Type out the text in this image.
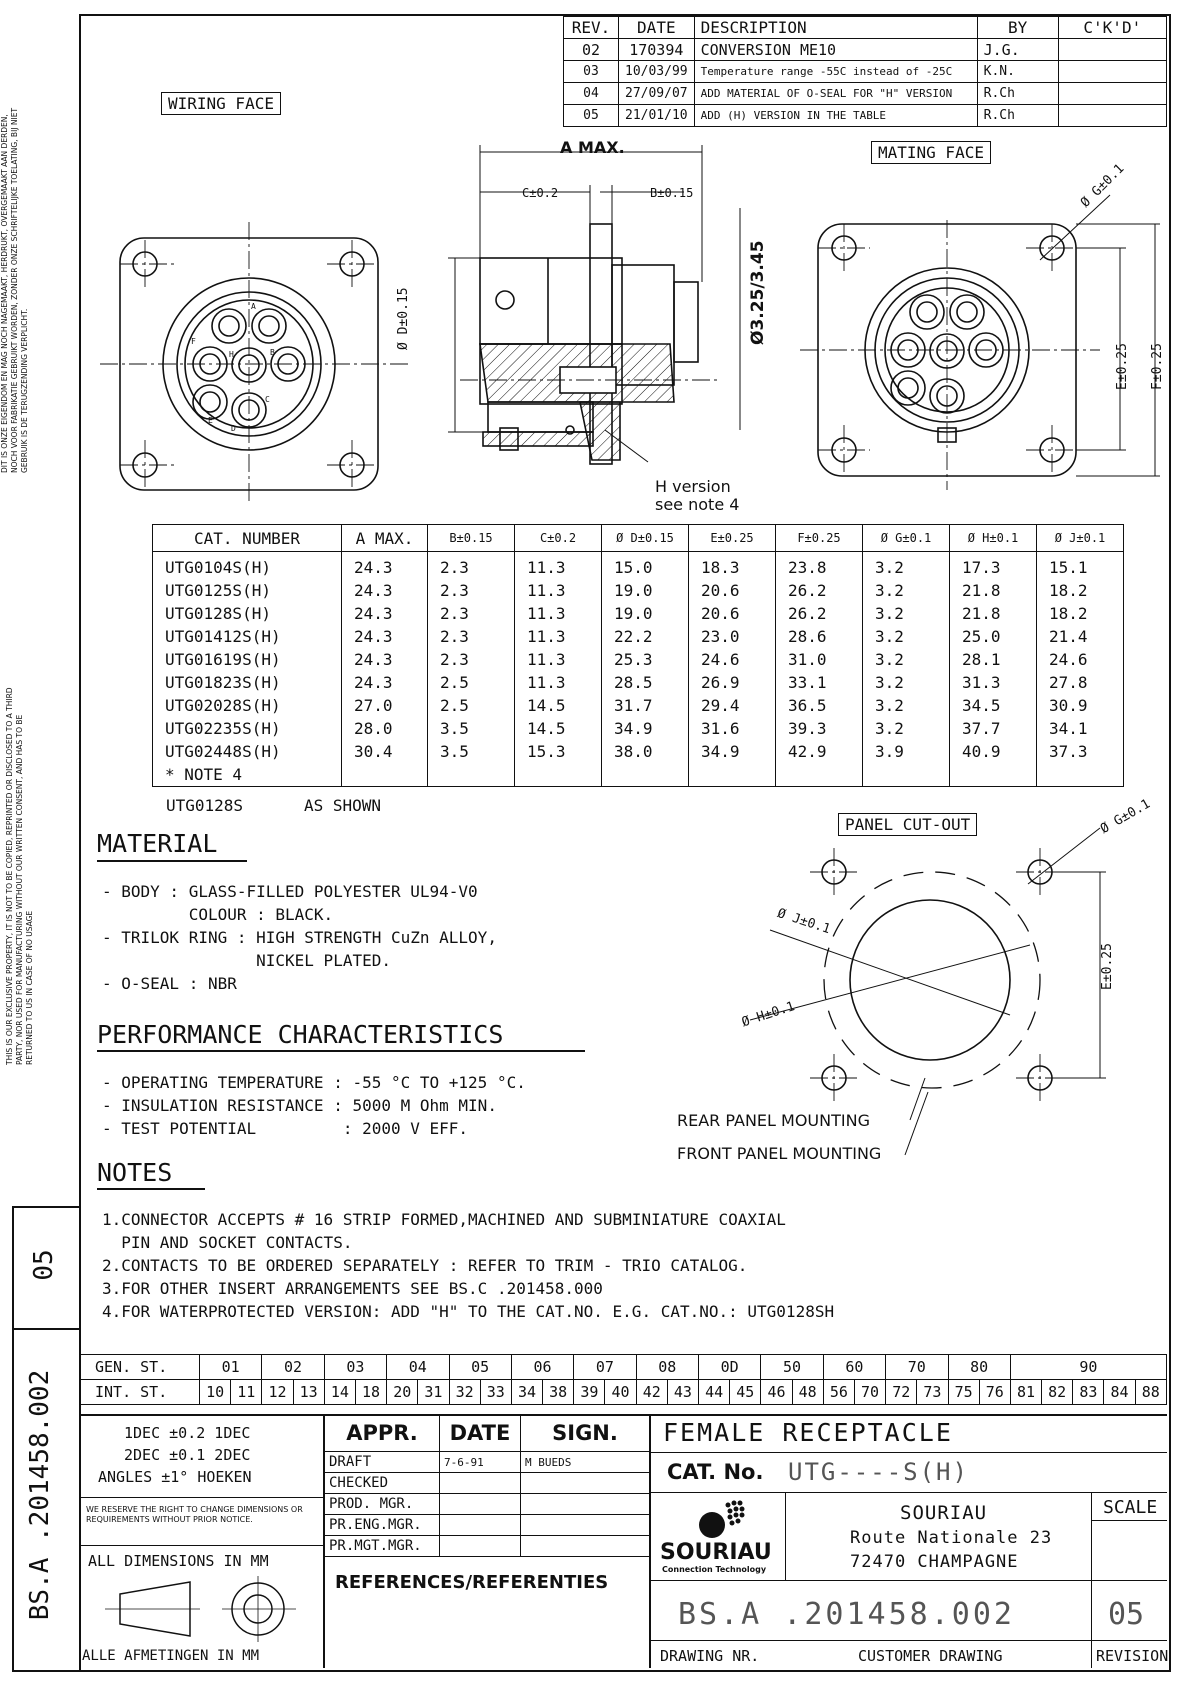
DIT IS ONZE EIGENDOM EN MAG NOCH NAGEMAAKT, HERDRUKT, OVERGEMAAKT AAN DERDEN, NOCH VOOR FABRIKATIE GEBRUIKT WORDEN, ZONDER ONZE SCHRIFTELIJKE TOELATING, BIJ NIET GEBRUIK IS DE TERUGZENDING VERPLICHT.
THIS IS OUR EXCLUSIVE PROPERTY, IT IS NOT TO BE COPIED, REPRINTED OR DISCLOSED TO A THIRD PARTY, NOR USED FOR MANUFACTURING WITHOUT OUR WRITTEN CONSENT, AND HAS TO BE RETURNED TO US IN CASE OF NO USAGE
05
BS.A .201458.002
REV.	DATE	DESCRIPTION	BY	C'K'D'
02	170394	CONVERSION ME10	J.G.	
03	10/03/99	Temperature range -55C instead of -25C	K.N.	
04	27/09/07	ADD MATERIAL OF O-SEAL FOR "H" VERSION	R.Ch	
05	21/01/10	ADD (H) VERSION IN THE TABLE	R.Ch	
WIRING FACE
MATING FACE
A MAX.
C±0.2	B±0.15
Ø D±0.15	Ø3.25/3.45
H version
see note 4
Ø G±0.1
E±0.25 F±0.25
A
B
C
D
E
F
H
CAT. NUMBER	A MAX.	B±0.15	C±0.2	Ø D±0.15	E±0.25	F±0.25	Ø G±0.1	Ø H±0.1	Ø J±0.1
UTG0104S(H)	24.3	2.3	11.3	15.0	18.3	23.8	3.2	17.3	15.1
UTG0125S(H)	24.3	2.3	11.3	19.0	20.6	26.2	3.2	21.8	18.2
UTG0128S(H)	24.3	2.3	11.3	19.0	20.6	26.2	3.2	21.8	18.2
UTG01412S(H)	24.3	2.3	11.3	22.2	23.0	28.6	3.2	25.0	21.4
UTG01619S(H)	24.3	2.3	11.3	25.3	24.6	31.0	3.2	28.1	24.6
UTG01823S(H)	24.3	2.5	11.3	28.5	26.9	33.1	3.2	31.3	27.8
UTG02028S(H)	27.0	2.5	14.5	31.7	29.4	36.5	3.2	34.5	30.9
UTG02235S(H)	28.0	3.5	14.5	34.9	31.6	39.3	3.2	37.7	34.1
UTG02448S(H)	30.4	3.5	15.3	38.0	34.9	42.9	3.9	40.9	37.3
* NOTE 4									
UTG0128S	AS SHOWN
PANEL CUT-OUT	Ø G±0.1
Ø J±0.1
Ø H±0.1
E±0.25
REAR PANEL MOUNTING
FRONT PANEL MOUNTING
MATERIAL
- BODY : GLASS-FILLED POLYESTER UL94-V0
COLOUR : BLACK.
- TRILOK RING : HIGH STRENGTH CuZn ALLOY,
NICKEL PLATED.
- O-SEAL : NBR
PERFORMANCE CHARACTERISTICS
- OPERATING TEMPERATURE : -55 °C TO +125 °C.
- INSULATION RESISTANCE : 5000 M Ohm MIN.
- TEST POTENTIAL         : 2000 V EFF.
NOTES
1.CONNECTOR ACCEPTS # 16 STRIP FORMED,MACHINED AND SUBMINIATURE COAXIAL
PIN AND SOCKET CONTACTS.
2.CONTACTS TO BE ORDERED SEPARATELY : REFER TO TRIM - TRIO CATALOG.
3.FOR OTHER INSERT ARRANGEMENTS SEE BS.C .201458.000
4.FOR WATERPROTECTED VERSION: ADD "H" TO THE CAT.NO. E.G. CAT.NO.: UTG0128SH
GEN. ST.	01		02		03		04		05		06		07		08		0D		50		60		70		80		90				
INT. ST.	10	11	12	13	14	18	20	31	32	33	34	38	39	40	42	43	44	45	46	48	56	70	72	73	75	76	81	82	83	84	88
1DEC ±0.2 1DEC
2DEC ±0.1 2DEC
ANGLES ±1° HOEKEN
WE RESERVE THE RIGHT TO CHANGE DIMENSIONS OR REQUIREMENTS WITHOUT PRIOR NOTICE.
ALL DIMENSIONS IN MM
ALLE AFMETINGEN IN MM
APPR.	DATE	SIGN.
DRAFT	7-6-91	M BUEDS
CHECKED		
PROD. MGR.		
PR.ENG.MGR.		
PR.MGT.MGR.		
REFERENCES/REFERENTIES
FEMALE RECEPTACLE
CAT. No. UTG----S(H)
SOURIAU
Connection Technology
SOURIAU
Route Nationale 23
72470 CHAMPAGNE
SCALE
BS.A .201458.002	05
DRAWING NR.	CUSTOMER DRAWING	REVISION
